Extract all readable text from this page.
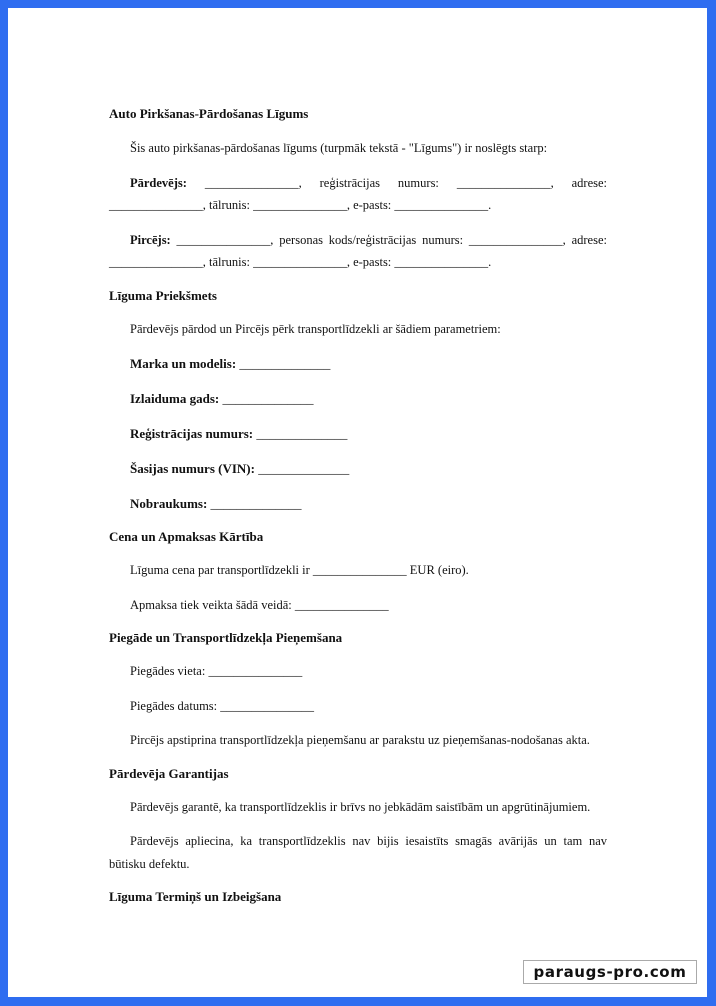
Auto Pirkšanas-Pārdošanas Līgums
Šis auto pirkšanas-pārdošanas līgums (turpmāk tekstā - "Līgums") ir noslēgts starp:
Pārdevējs: _______________, reģistrācijas numurs: _______________, adrese: _______________, tālrunis: _______________, e-pasts: _______________.
Pircējs: _______________, personas kods/reģistrācijas numurs: _______________, adrese: _______________, tālrunis: _______________, e-pasts: _______________.
Līguma Priekšmets
Pārdevējs pārdod un Pircējs pērk transportlīdzekli ar šādiem parametriem:
Marka un modelis: ______________
Izlaiduma gads: ______________
Reģistrācijas numurs: ______________
Šasijas numurs (VIN): ______________
Nobraukums: ______________
Cena un Apmaksas Kārtība
Līguma cena par transportlīdzekli ir _______________ EUR (eiro).
Apmaksa tiek veikta šādā veidā: _______________
Piegāde un Transportlīdzekļa Pieņemšana
Piegādes vieta: _______________
Piegādes datums: _______________
Pircējs apstiprina transportlīdzekļa pieņemšanu ar parakstu uz pieņemšanas-nodošanas akta.
Pārdevēja Garantijas
Pārdevējs garantē, ka transportlīdzeklis ir brīvs no jebkādām saistībām un apgrūtinājumiem.
Pārdevējs apliecina, ka transportlīdzeklis nav bijis iesaistīts smagās avārijās un tam nav būtisku defektu.
Līguma Termiņš un Izbeigšana
paraugs-pro.com
